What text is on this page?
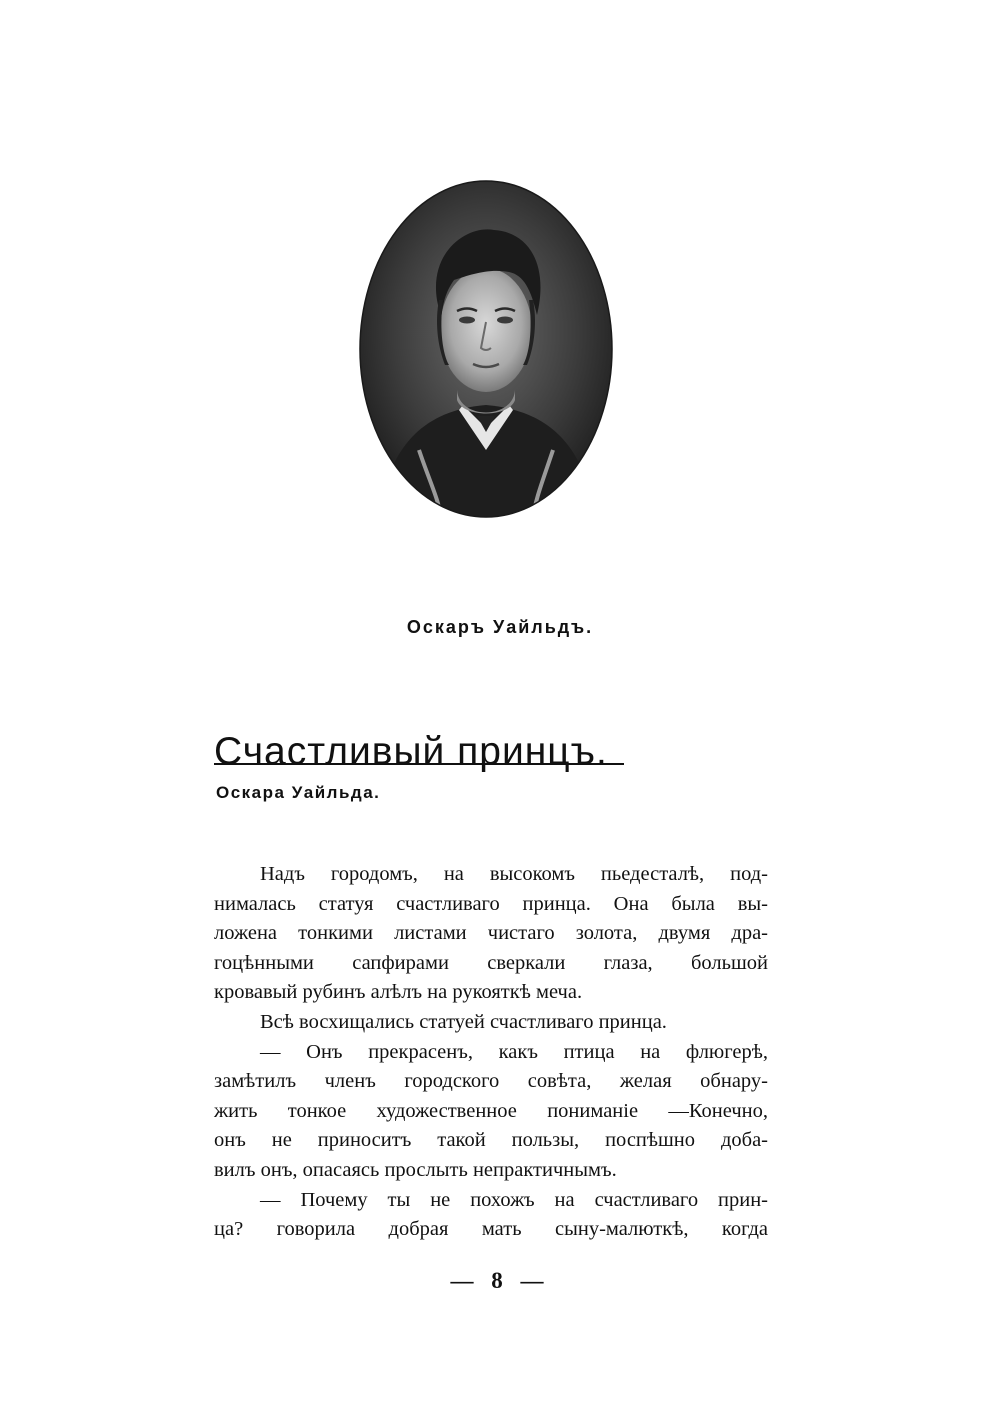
Оскаръ Уайльдъ.
Счастливый принцъ.
Оскара Уайльда.
Надъ городомъ, на высокомъ пьедесталѣ, под-
нималась статуя счастливаго принца. Она была вы-
ложена тонкими листами чистаго золота, двумя дра-
гоцѣнными сапфирами сверкали глаза, большой
кровавый рубинъ алѣлъ на рукояткѣ меча.
Всѣ восхищались статуей счастливаго принца.
— Онъ прекрасенъ, какъ птица на флюгерѣ,
замѣтилъ членъ городского совѣта, желая обнару-
жить тонкое художественное пониманіе —Конечно,
онъ не приноситъ такой пользы, поспѣшно доба-
вилъ онъ, опасаясь прослыть непрактичнымъ.
— Почему ты не похожъ на счастливаго прин-
ца? говорила добрая мать сыну-малюткѣ, когда
— 8 —
